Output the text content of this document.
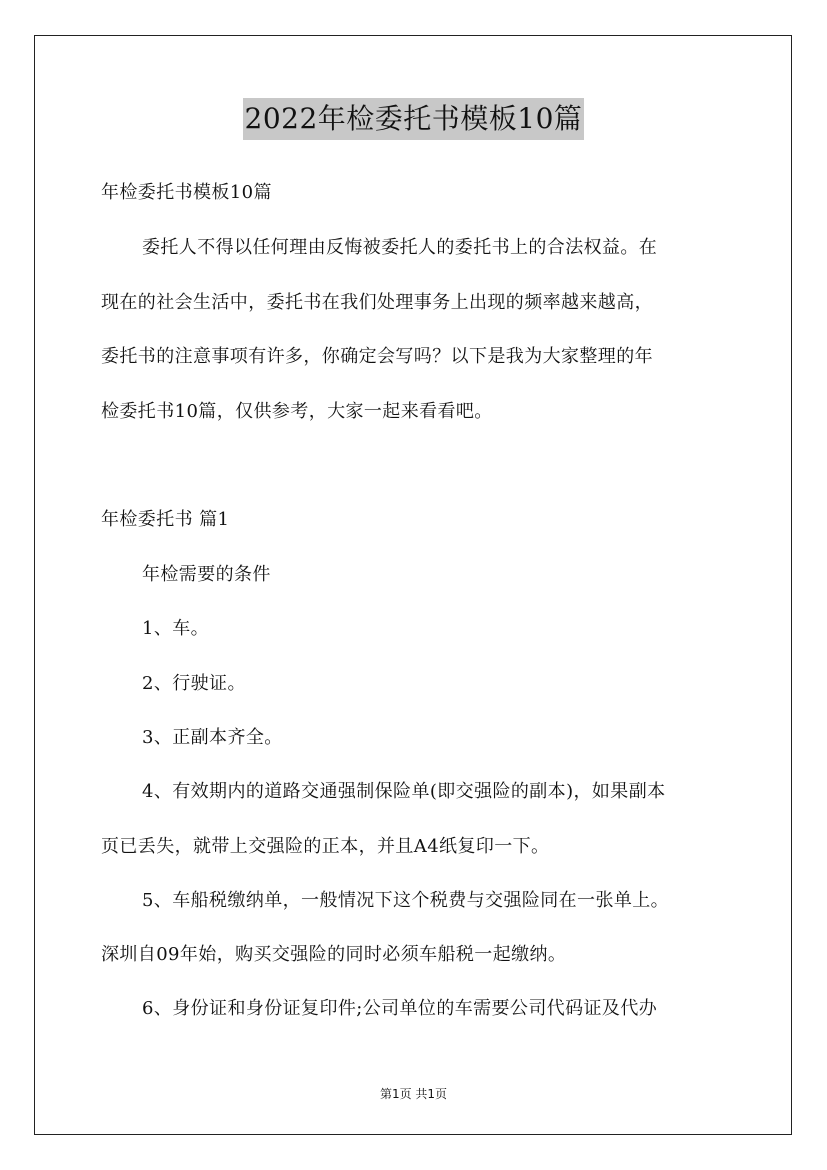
2022年检委托书模板10篇
年检委托书模板10篇
委托人不得以任何理由反悔被委托人的委托书上的合法权益。在
现在的社会生活中，委托书在我们处理事务上出现的频率越来越高，
委托书的注意事项有许多，你确定会写吗？以下是我为大家整理的年
检委托书10篇，仅供参考，大家一起来看看吧。
年检委托书 篇1
年检需要的条件
1、车。
2、行驶证。
3、正副本齐全。
4、有效期内的道路交通强制保险单(即交强险的副本)，如果副本
页已丢失，就带上交强险的正本，并且A4纸复印一下。
5、车船税缴纳单，一般情况下这个税费与交强险同在一张单上。
深圳自09年始，购买交强险的同时必须车船税一起缴纳。
6、身份证和身份证复印件;公司单位的车需要公司代码证及代办
第1页 共1页
